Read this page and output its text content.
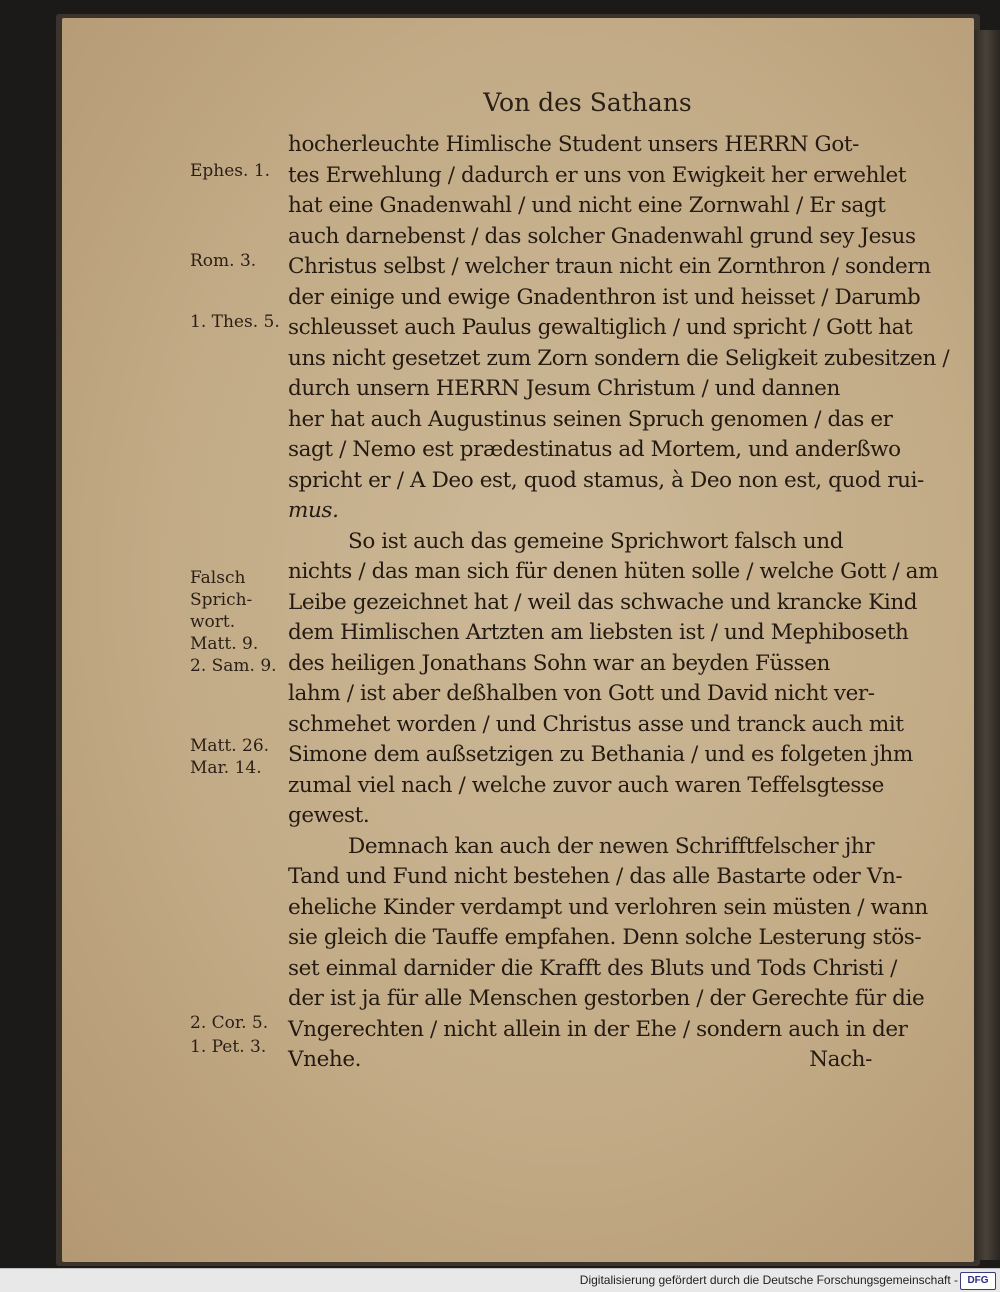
Von des Sathans
Ephes. 1.
Rom. 3.
1. Thes. 5.
Falsch
Sprich-
wort.
Matt. 9.
2. Sam. 9.
Matt. 26.
Mar. 14.
2. Cor. 5.
1. Pet. 3.
hocherleuchte Himlische Student unsers HERRN Got-
tes Erwehlung / dadurch er uns von Ewigkeit her erwehlet
hat eine Gnadenwahl / und nicht eine Zornwahl / Er sagt
auch darnebenst / das solcher Gnadenwahl grund sey Jesus
Christus selbst / welcher traun nicht ein Zornthron / sondern
der einige und ewige Gnadenthron ist und heisset / Darumb
schleusset auch Paulus gewaltiglich / und spricht / Gott hat
uns nicht gesetzet zum Zorn sondern die Seligkeit zubesitzen /
durch unsern HERRN Jesum Christum / und dannen
her hat auch Augustinus seinen Spruch genomen / das er
sagt / Nemo est prædestinatus ad Mortem, und anderßwo
spricht er / A Deo est, quod stamus, à Deo non est, quod rui-
mus.
So ist auch das gemeine Sprichwort falsch und
nichts / das man sich für denen hüten solle / welche Gott / am
Leibe gezeichnet hat / weil das schwache und krancke Kind
dem Himlischen Artzten am liebsten ist / und Mephiboseth
des heiligen Jonathans Sohn war an beyden Füssen
lahm / ist aber deßhalben von Gott und David nicht ver-
schmehet worden / und Christus asse und tranck auch mit
Simone dem außsetzigen zu Bethania / und es folgeten jhm
zumal viel nach / welche zuvor auch waren Teffelsgtesse
gewest.
Demnach kan auch der newen Schrifftfelscher jhr
Tand und Fund nicht bestehen / das alle Bastarte oder Vn-
eheliche Kinder verdampt und verlohren sein müsten / wann
sie gleich die Tauffe empfahen. Denn solche Lesterung stös-
set einmal darnider die Krafft des Bluts und Tods Christi /
der ist ja für alle Menschen gestorben / der Gerechte für die
Vngerechten / nicht allein in der Ehe / sondern auch in der
Vnehe.	Nach-
Digitalisierung gefördert durch die Deutsche Forschungsgemeinschaft - DFG
